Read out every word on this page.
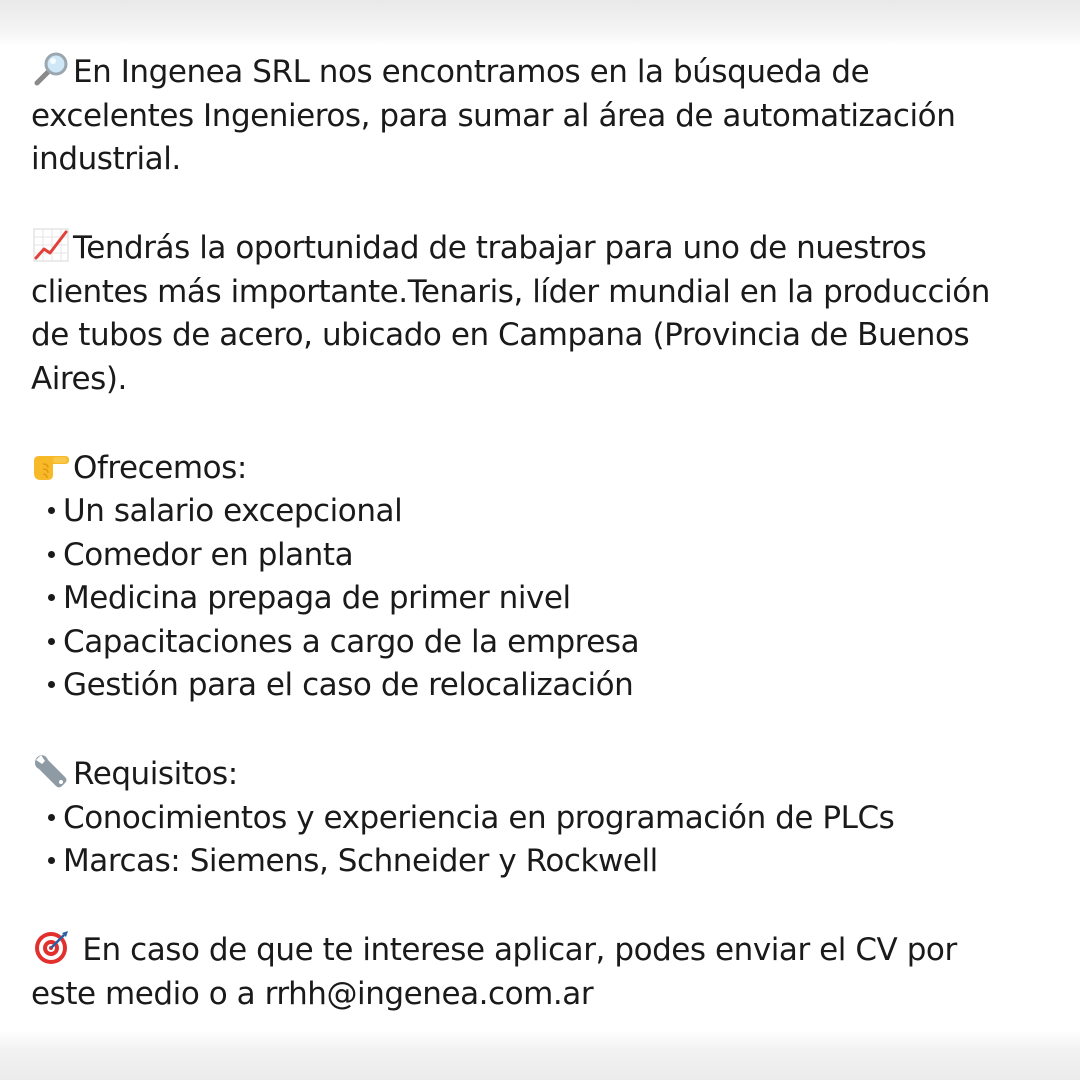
En Ingenea SRL nos encontramos en la búsqueda de
excelentes Ingenieros, para sumar al área de automatización
industrial.

Tendrás la oportunidad de trabajar para uno de nuestros
clientes más importante.Tenaris, líder mundial en la producción
de tubos de acero, ubicado en Campana (Provincia de Buenos
Aires).

Ofrecemos:

Un salario excepcional
Comedor en planta
Medicina prepaga de primer nivel
Capacitaciones a cargo de la empresa
Gestión para el caso de relocalización

Requisitos:

Conocimientos y experiencia en programación de PLCs
Marcas: Siemens, Schneider y Rockwell

En caso de que te interese aplicar, podes enviar el CV por
este medio o a rrhh@ingenea.com.ar
